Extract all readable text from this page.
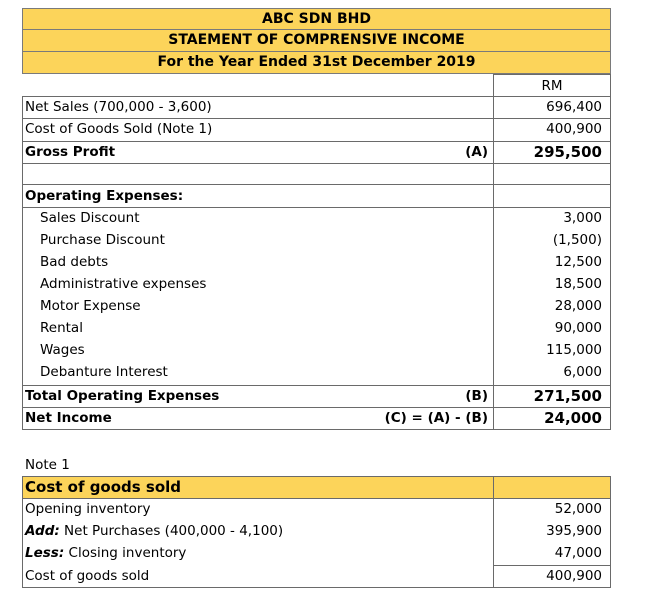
ABC SDN BHD
STAEMENT OF COMPRENSIVE INCOME
For the Year Ended 31st December 2019
RM
Net Sales (700,000 - 3,600)	696,400
Cost of Goods Sold (Note 1)	400,900
Gross Profit	(A)	295,500
Operating Expenses:
Sales Discount	3,000
Purchase Discount	(1,500)
Bad debts	12,500
Administrative expenses	18,500
Motor Expense	28,000
Rental	90,000
Wages	115,000
Debanture Interest	6,000
Total Operating Expenses	(B)	271,500
Net Income	(C) = (A) - (B)	24,000
Note 1
Cost of goods sold
Opening inventory	52,000
Add: Net Purchases (400,000 - 4,100)	395,900
Less: Closing inventory	47,000
Cost of goods sold	400,900
